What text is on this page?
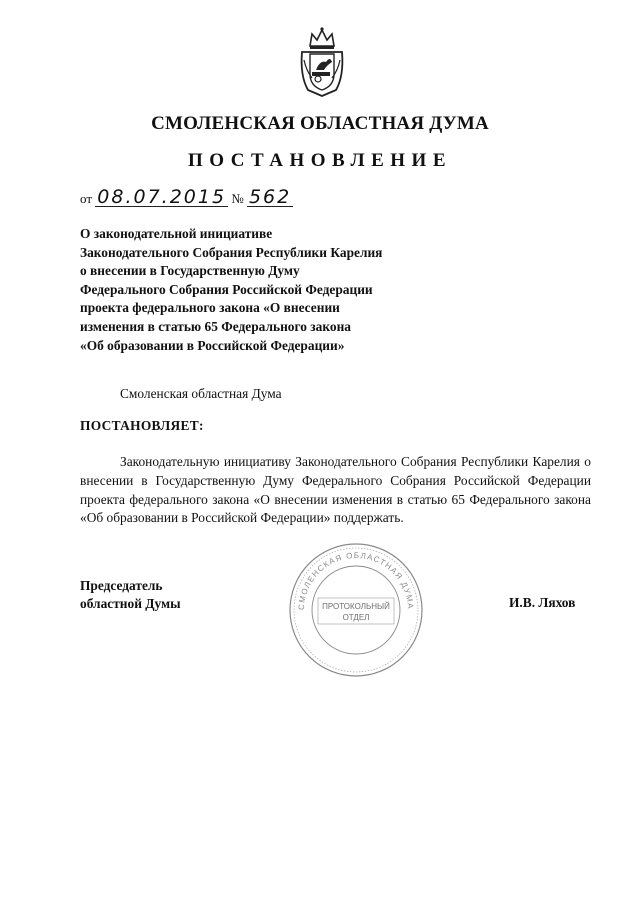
СМОЛЕНСКАЯ ОБЛАСТНАЯ ДУМА
ПОСТАНОВЛЕНИЕ
от 08.07.2015 № 562
О законодательной инициативе
Законодательного Собрания Республики Карелия
о внесении в Государственную Думу
Федерального Собрания Российской Федерации
проекта федерального закона «О внесении
изменения в статью 65 Федерального закона
«Об образовании в Российской Федерации»
Смоленская областная Дума
ПОСТАНОВЛЯЕТ:
Законодательную инициативу Законодательного Собрания Республики Карелия о внесении в Государственную Думу Федерального Собрания Российской Федерации проекта федерального закона «О внесении изменения в статью 65 Федерального закона «Об образовании в Российской Федерации» поддержать.
Председатель
областной Думы	СМОЛЕНСКАЯ ОБЛАСТНАЯ ДУМА
ПРОТОКОЛЬНЫЙ
ОТДЕЛ
И.В. Ляхов
